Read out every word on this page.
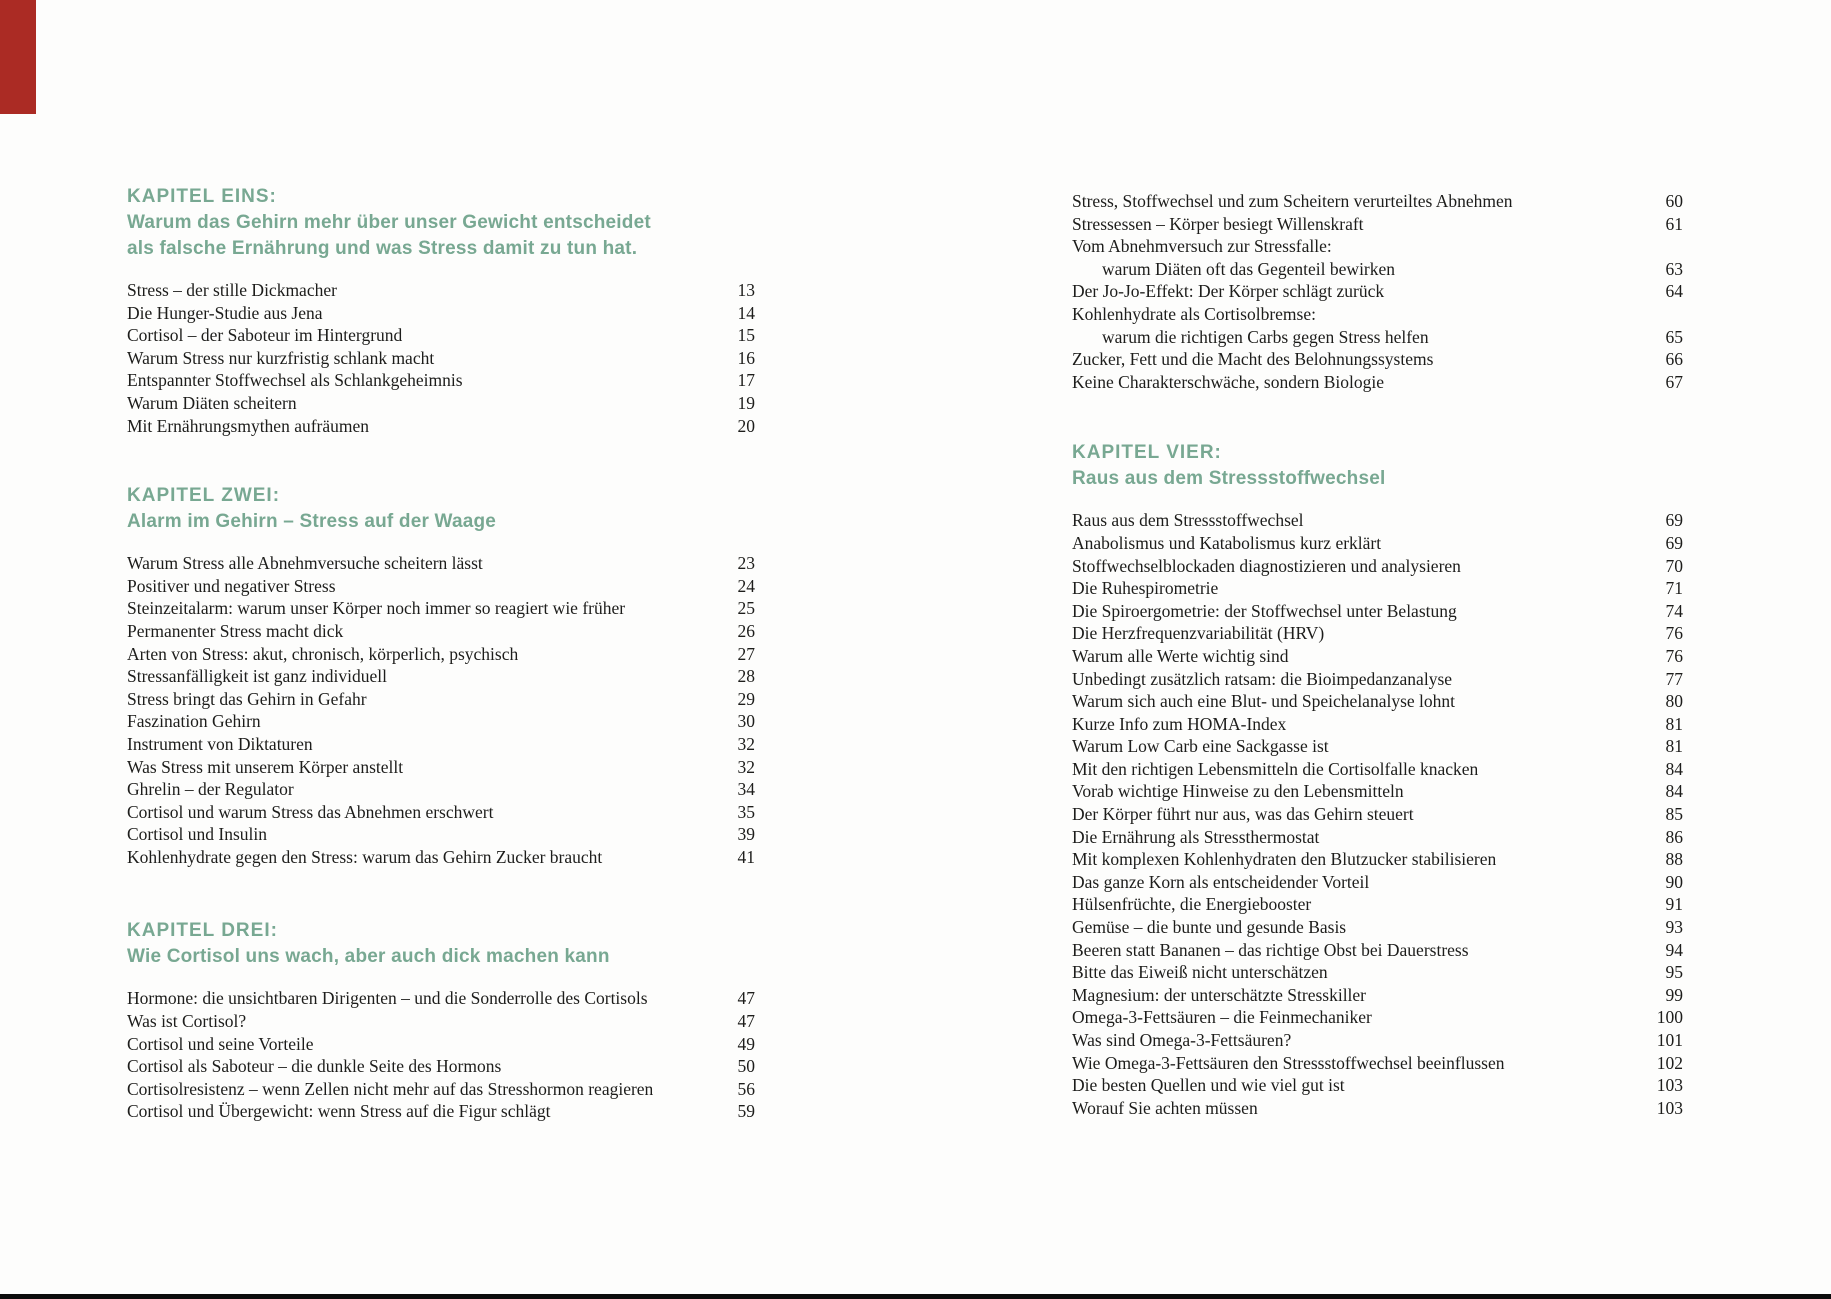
KAPITEL EINS:
Warum das Gehirn mehr über unser Gewicht entscheidet
als falsche Ernährung und was Stress damit zu tun hat.
Stress – der stille Dickmacher	13
Die Hunger-Studie aus Jena	14
Cortisol – der Saboteur im Hintergrund	15
Warum Stress nur kurzfristig schlank macht	16
Entspannter Stoffwechsel als Schlankgeheimnis	17
Warum Diäten scheitern	19
Mit Ernährungsmythen aufräumen	20
KAPITEL ZWEI:
Alarm im Gehirn – Stress auf der Waage
Warum Stress alle Abnehmversuche scheitern lässt	23
Positiver und negativer Stress	24
Steinzeitalarm: warum unser Körper noch immer so reagiert wie früher	25
Permanenter Stress macht dick	26
Arten von Stress: akut, chronisch, körperlich, psychisch	27
Stressanfälligkeit ist ganz individuell	28
Stress bringt das Gehirn in Gefahr	29
Faszination Gehirn	30
Instrument von Diktaturen	32
Was Stress mit unserem Körper anstellt	32
Ghrelin – der Regulator	34
Cortisol und warum Stress das Abnehmen erschwert	35
Cortisol und Insulin	39
Kohlenhydrate gegen den Stress: warum das Gehirn Zucker braucht	41
KAPITEL DREI:
Wie Cortisol uns wach, aber auch dick machen kann
Hormone: die unsichtbaren Dirigenten – und die Sonderrolle des Cortisols	47
Was ist Cortisol?	47
Cortisol und seine Vorteile	49
Cortisol als Saboteur – die dunkle Seite des Hormons	50
Cortisolresistenz – wenn Zellen nicht mehr auf das Stresshormon reagieren	56
Cortisol und Übergewicht: wenn Stress auf die Figur schlägt	59
Stress, Stoffwechsel und zum Scheitern verurteiltes Abnehmen	60
Stressessen – Körper besiegt Willenskraft	61
Vom Abnehmversuch zur Stressfalle:
warum Diäten oft das Gegenteil bewirken	63
Der Jo-Jo-Effekt: Der Körper schlägt zurück	64
Kohlenhydrate als Cortisolbremse:
warum die richtigen Carbs gegen Stress helfen	65
Zucker, Fett und die Macht des Belohnungssystems	66
Keine Charakterschwäche, sondern Biologie	67
KAPITEL VIER:
Raus aus dem Stressstoffwechsel
Raus aus dem Stressstoffwechsel	69
Anabolismus und Katabolismus kurz erklärt	69
Stoffwechselblockaden diagnostizieren und analysieren	70
Die Ruhespirometrie	71
Die Spiroergometrie: der Stoffwechsel unter Belastung	74
Die Herzfrequenzvariabilität (HRV)	76
Warum alle Werte wichtig sind	76
Unbedingt zusätzlich ratsam: die Bioimpedanzanalyse	77
Warum sich auch eine Blut- und Speichelanalyse lohnt	80
Kurze Info zum HOMA-Index	81
Warum Low Carb eine Sackgasse ist	81
Mit den richtigen Lebensmitteln die Cortisolfalle knacken	84
Vorab wichtige Hinweise zu den Lebensmitteln	84
Der Körper führt nur aus, was das Gehirn steuert	85
Die Ernährung als Stressthermostat	86
Mit komplexen Kohlenhydraten den Blutzucker stabilisieren	88
Das ganze Korn als entscheidender Vorteil	90
Hülsenfrüchte, die Energiebooster	91
Gemüse – die bunte und gesunde Basis	93
Beeren statt Bananen – das richtige Obst bei Dauerstress	94
Bitte das Eiweiß nicht unterschätzen	95
Magnesium: der unterschätzte Stresskiller	99
Omega-3-Fettsäuren – die Feinmechaniker	100
Was sind Omega-3-Fettsäuren?	101
Wie Omega-3-Fettsäuren den Stressstoffwechsel beeinflussen	102
Die besten Quellen und wie viel gut ist	103
Worauf Sie achten müssen	103
